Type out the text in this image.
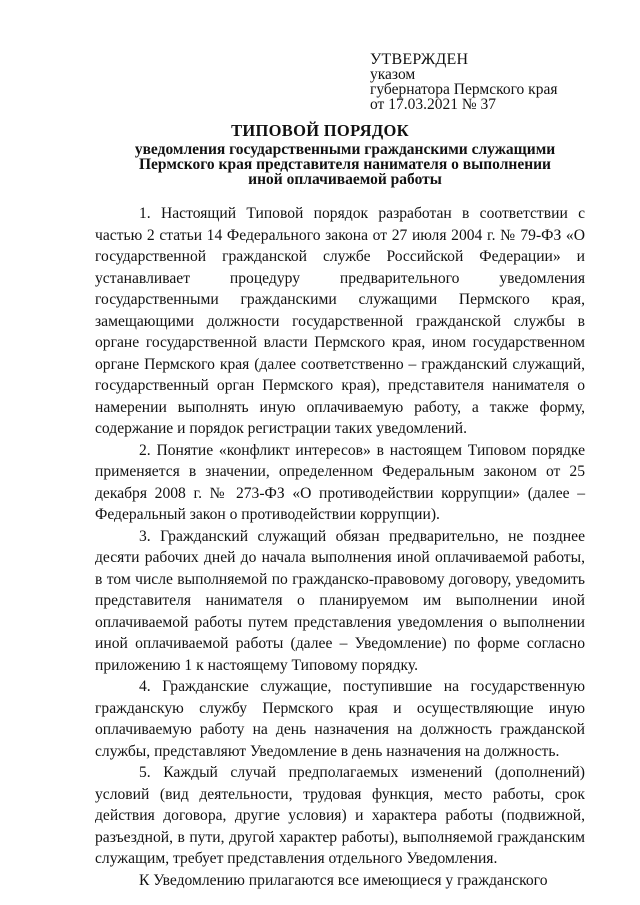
УТВЕРЖДЕН
указом
губернатора Пермского края
от 17.03.2021 № 37
ТИПОВОЙ ПОРЯДОК
уведомления государственными гражданскими служащими
Пермского края представителя нанимателя о выполнении
иной оплачиваемой работы

1. Настоящий Типовой порядок разработан в соответствии с частью 2 статьи 14 Федерального закона от 27 июля 2004 г. № 79-ФЗ «О государственной гражданской службе Российской Федерации» и устанавливает процедуру предварительного уведомления государственными гражданскими служащими Пермского края, замещающими должности государственной гражданской службы в органе государственной власти Пермского края, ином государственном органе Пермского края (далее соответственно – гражданский служащий, государственный орган Пермского края), представителя нанимателя о намерении выполнять иную оплачиваемую работу, а также форму, содержание и порядок регистрации таких уведомлений.

2. Понятие «конфликт интересов» в настоящем Типовом порядке применяется в значении, определенном Федеральным законом от 25 декабря 2008 г. № 273-ФЗ «О противодействии коррупции» (далее – Федеральный закон о противодействии коррупции).

3. Гражданский служащий обязан предварительно, не позднее десяти рабочих дней до начала выполнения иной оплачиваемой работы, в том числе выполняемой по гражданско-правовому договору, уведомить представителя нанимателя о планируемом им выполнении иной оплачиваемой работы путем представления уведомления о выполнении иной оплачиваемой работы (далее – Уведомление) по форме согласно приложению 1 к настоящему Типовому порядку.

4. Гражданские служащие, поступившие на государственную гражданскую службу Пермского края и осуществляющие иную оплачиваемую работу на день назначения на должность гражданской службы, представляют Уведомление в день назначения на должность.

5. Каждый случай предполагаемых изменений (дополнений) условий (вид деятельности, трудовая функция, место работы, срок действия договора, другие условия) и характера работы (подвижной, разъездной, в пути, другой характер работы), выполняемой гражданским служащим, требует представления отдельного Уведомления.

К Уведомлению прилагаются все имеющиеся у гражданского
